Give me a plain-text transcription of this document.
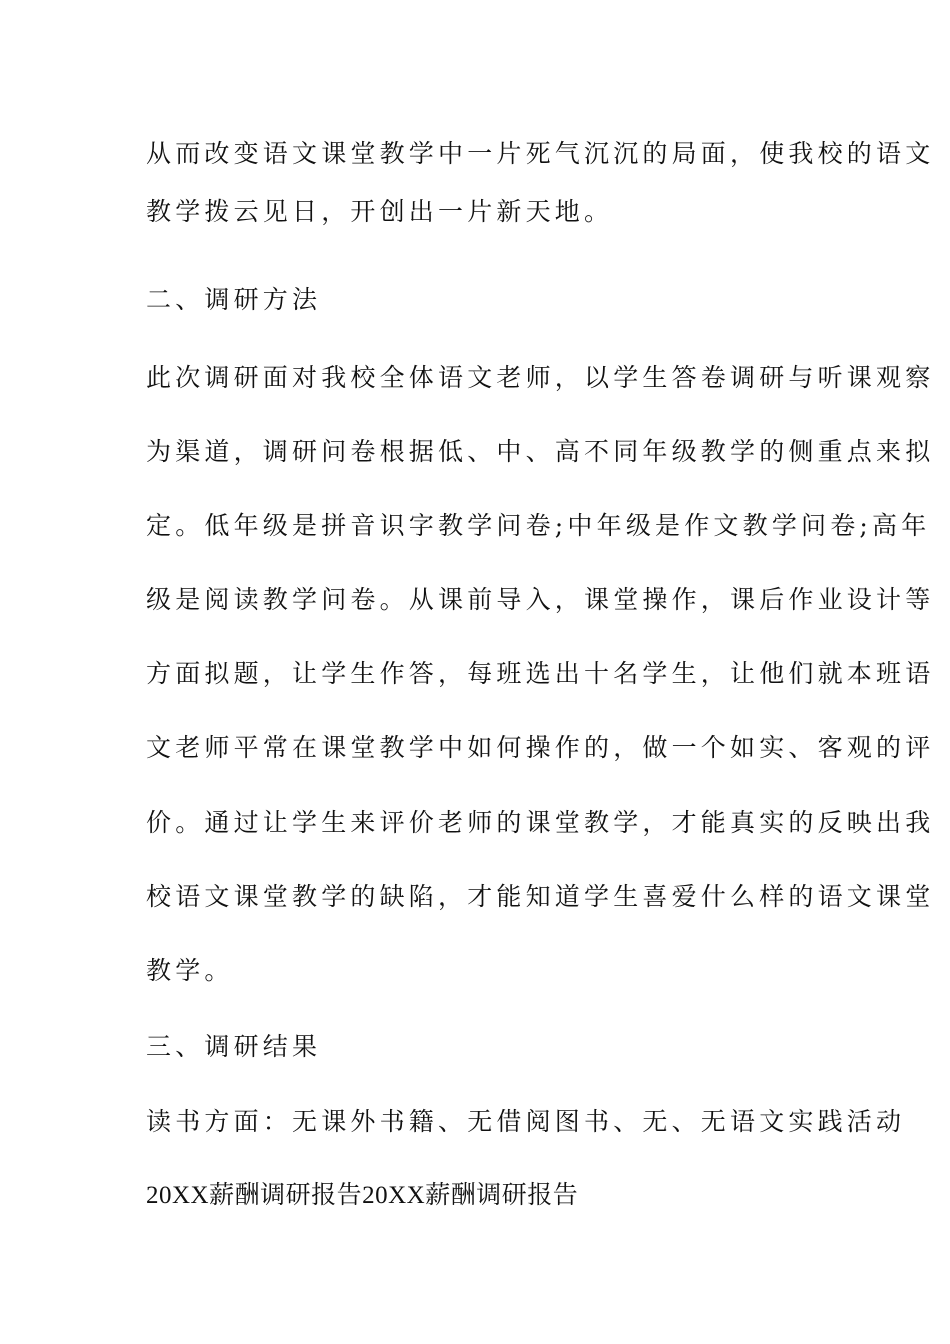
从而改变语文课堂教学中一片死气沉沉的局面，使我校的语文
教学拨云见日，开创出一片新天地。
二、调研方法
此次调研面对我校全体语文老师，以学生答卷调研与听课观察
为渠道，调研问卷根据低、中、高不同年级教学的侧重点来拟
定。低年级是拼音识字教学问卷;中年级是作文教学问卷;高年
级是阅读教学问卷。从课前导入，课堂操作，课后作业设计等
方面拟题，让学生作答，每班选出十名学生，让他们就本班语
文老师平常在课堂教学中如何操作的，做一个如实、客观的评
价。通过让学生来评价老师的课堂教学，才能真实的反映出我
校语文课堂教学的缺陷，才能知道学生喜爱什么样的语文课堂
教学。
三、调研结果
读书方面：无课外书籍、无借阅图书、无、无语文实践活动
20XX薪酬调研报告20XX薪酬调研报告
